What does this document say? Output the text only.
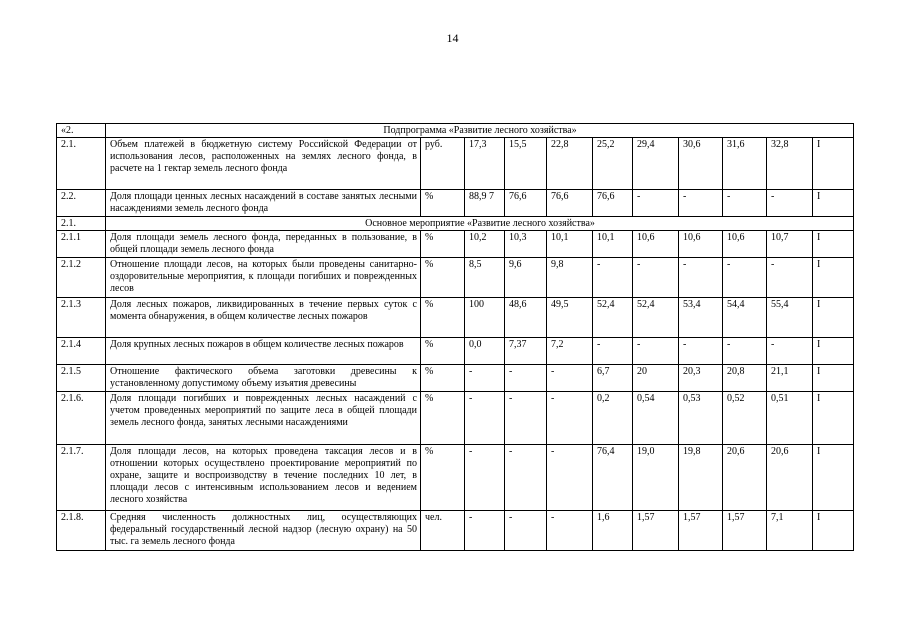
14
«2.	Подпрограмма «Развитие лесного хозяйства»										
2.1.	Объем платежей в бюджетную систему Российской Федерации от использования лесов, расположенных на землях лесного фонда, в расчете на 1 гектар земель лесного фонда	руб.	17,3	15,5	22,8	25,2	29,4	30,6	31,6	32,8	I
2.2.	Доля площади ценных лесных насаждений в составе занятых лесными насаждениями земель лесного фонда	%	88,9 7	76,6	76,6	76,6	-	-	-	-	I
2.1.	Основное мероприятие «Развитие лесного хозяйства»										
2.1.1	Доля площади земель лесного фонда, переданных в пользование, в общей площади земель лесного фонда	%	10,2	10,3	10,1	10,1	10,6	10,6	10,6	10,7	I
2.1.2	Отношение площади лесов, на которых были проведены санитарно-оздоровительные мероприятия, к площади погибших и поврежденных лесов	%	8,5	9,6	9,8	-	-	-	-	-	I
2.1.3	Доля лесных пожаров, ликвидированных в течение первых суток с момента обнаружения, в общем количестве лесных пожаров	%	100	48,6	49,5	52,4	52,4	53,4	54,4	55,4	I
2.1.4	Доля крупных лесных пожаров в общем количестве лесных пожаров	%	0,0	7,37	7,2	-	-	-	-	-	I
2.1.5	Отношение фактического объема заготовки древесины к установленному допустимому объему изъятия древесины	%	-	-	-	6,7	20	20,3	20,8	21,1	I
2.1.6.	Доля площади погибших и поврежденных лесных насаждений с учетом проведенных мероприятий по защите леса в общей площади земель лесного фонда, занятых лесными насаждениями	%	-	-	-	0,2	0,54	0,53	0,52	0,51	I
2.1.7.	Доля площади лесов, на которых проведена таксация лесов и в отношении которых осуществлено проектирование мероприятий по охране, защите и воспроизводству в течение последних 10 лет, в площади лесов с интенсивным использованием лесов и ведением лесного хозяйства	%	-	-	-	76,4	19,0	19,8	20,6	20,6	I
2.1.8.	Средняя численность должностных лиц, осуществляющих федеральный государственный лесной надзор (лесную охрану) на 50 тыс. га земель лесного фонда	чел.	-	-	-	1,6	1,57	1,57	1,57	7,1	I
